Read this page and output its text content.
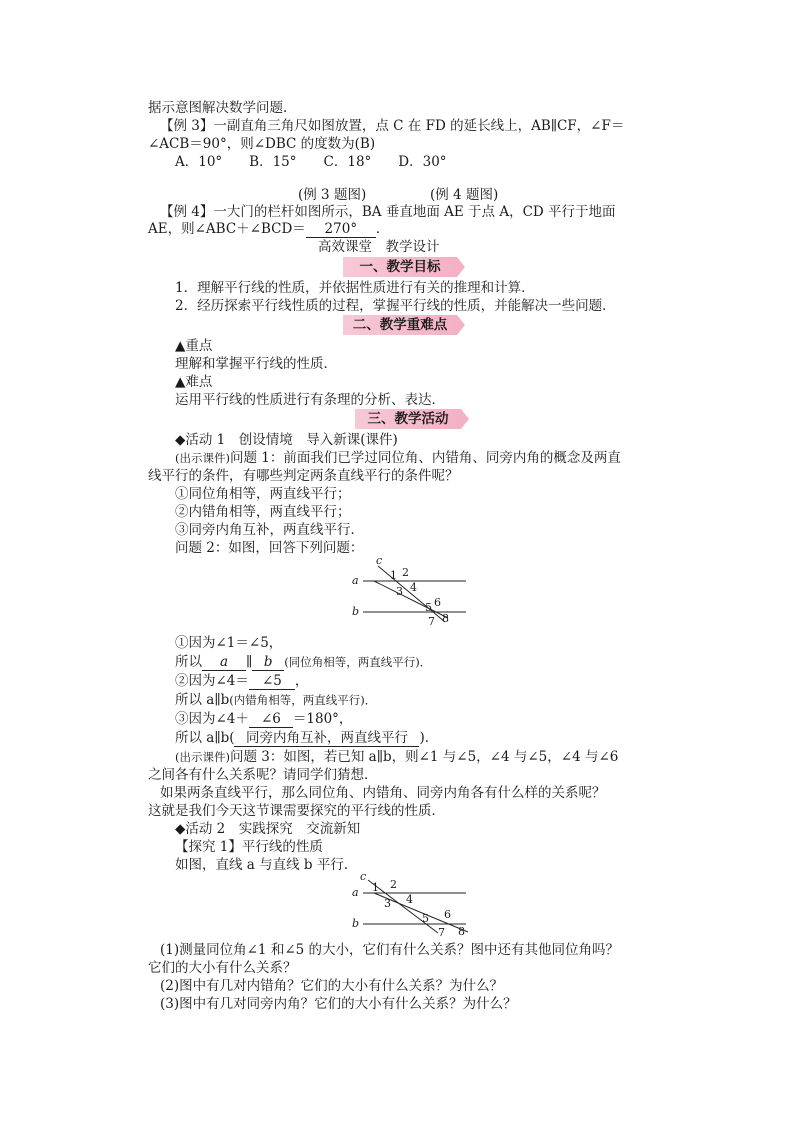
据示意图解决数学问题．
【例 3】一副直角三角尺如图放置，点 C 在 FD 的延长线上，AB∥CF，∠F＝
∠ACB＝90°，则∠DBC 的度数为(B)
A．10°　　B．15°　　C．18°　　D．30°
(例 3 题图)	(例 4 题图)
【例 4】一大门的栏杆如图所示，BA 垂直地面 AE 于点 A，CD 平行于地面
AE，则∠ABC＋∠BCD＝ 270° ．
高效课堂　教学设计
一、教学目标
1．理解平行线的性质，并依据性质进行有关的推理和计算．
2．经历探索平行线性质的过程，掌握平行线的性质，并能解决一些问题．
二、教学重难点
▲重点
理解和掌握平行线的性质．
▲难点
运用平行线的性质进行有条理的分析、表达．
三、教学活动
◆活动 1　创设情境　导入新课(课件)
(出示课件)问题 1：前面我们已学过同位角、内错角、同旁内角的概念及两直
线平行的条件，有哪些判定两条直线平行的条件呢？
①同位角相等，两直线平行；
②内错角相等，两直线平行；
③同旁内角互补，两直线平行．
问题 2：如图，回答下列问题：
c
a
b
1 2
3 4
5 6
7 8
①因为∠1＝∠5，
所以 a ∥ b (同位角相等，两直线平行)．
②因为∠4＝ ∠5 ，
所以 a∥b(内错角相等，两直线平行)．
③因为∠4＋ ∠6 ＝180°，
所以 a∥b( 同旁内角互补，两直线平行 )．
(出示课件)问题 3：如图，若已知 a∥b，则∠1 与∠5，∠4 与∠5，∠4 与∠6
之间各有什么关系呢？请同学们猜想．
如果两条直线平行，那么同位角、内错角、同旁内角各有什么样的关系呢？
这就是我们今天这节课需要探究的平行线的性质．
◆活动 2　实践探究　交流新知
【探究 1】平行线的性质
如图，直线 a 与直线 b 平行．
c
a
b
1 2
3 4
5 6
7 8
(1)测量同位角∠1 和∠5 的大小，它们有什么关系？图中还有其他同位角吗？
它们的大小有什么关系？
(2)图中有几对内错角？它们的大小有什么关系？为什么？
(3)图中有几对同旁内角？它们的大小有什么关系？为什么？
